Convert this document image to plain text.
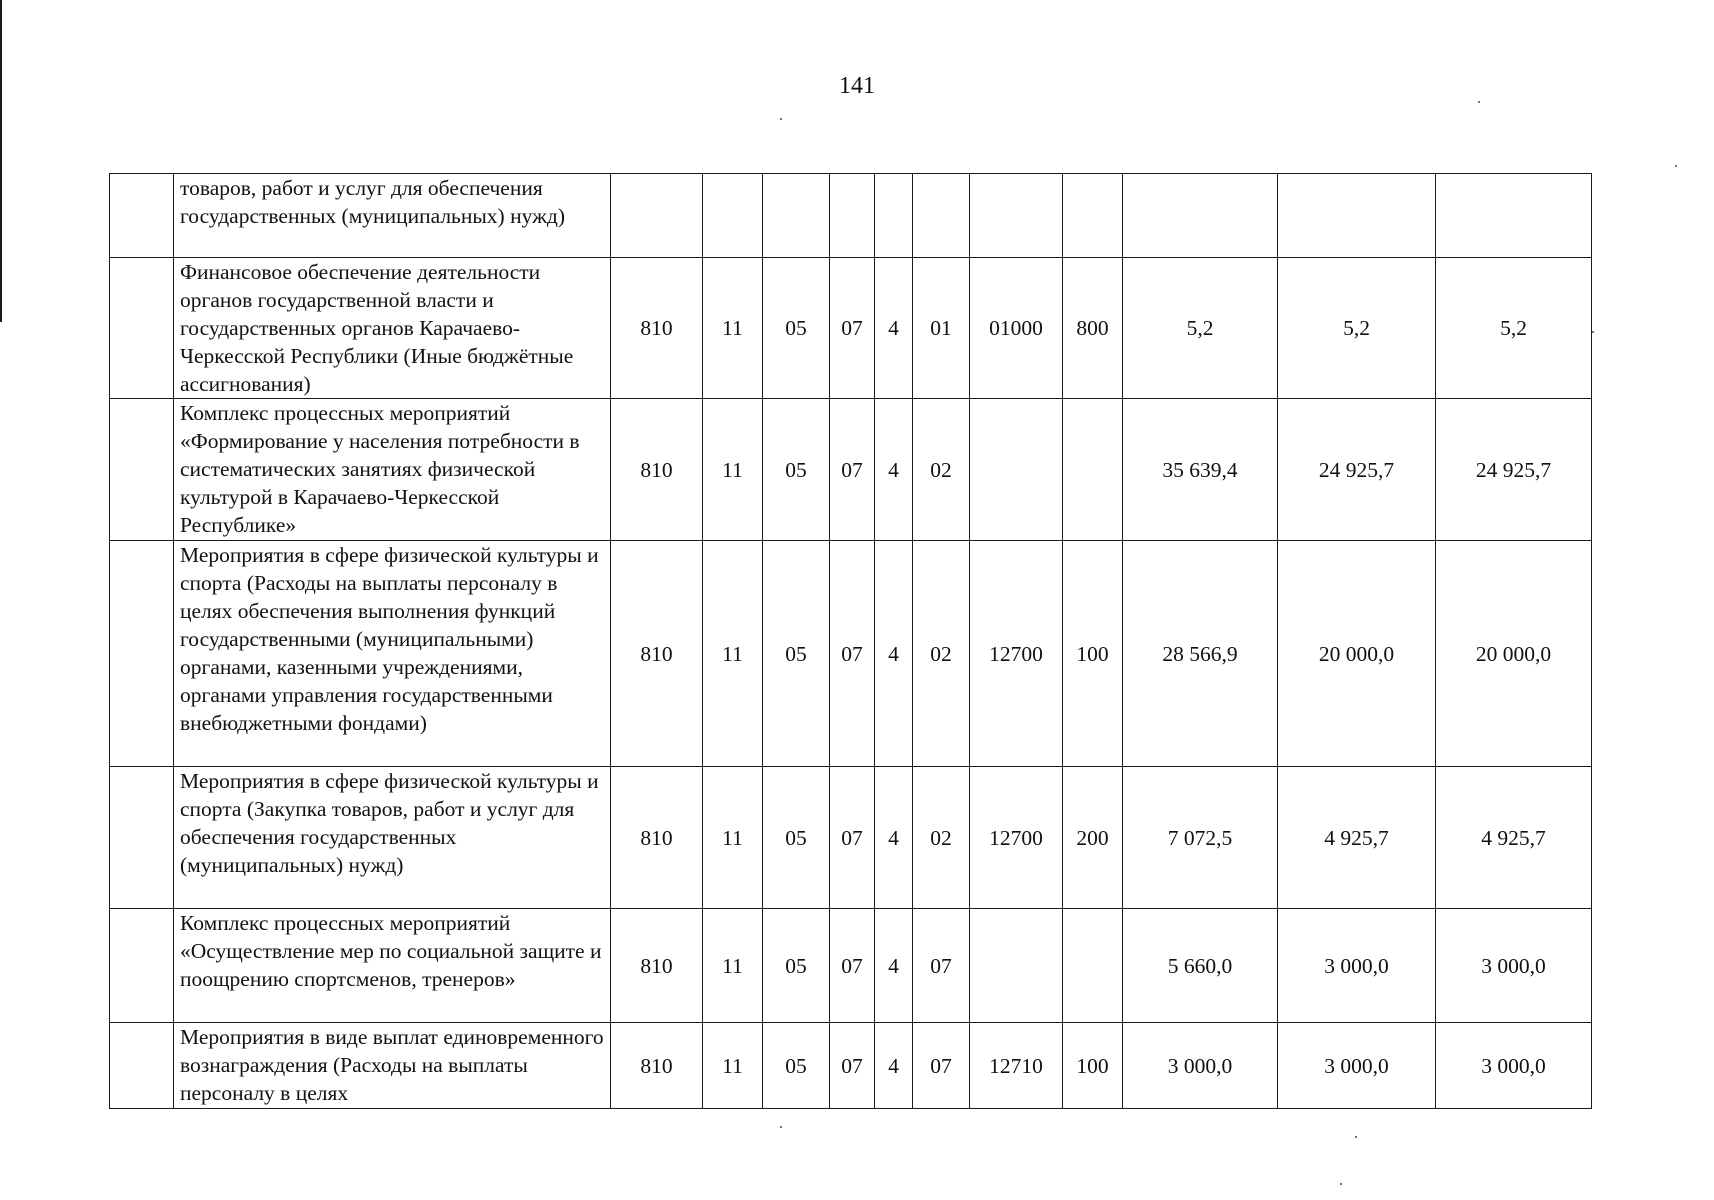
141
	товаров, работ и услуг для обеспечения государственных (муниципальных) нужд)											
	Финансовое обеспечение деятельности органов государственной власти и государственных органов Карачаево-Черкесской Республики (Иные бюджётные ассигнования)	810	11	05	07	4	01	01000	800	5,2	5,2	5,2
	Комплекс процессных мероприятий «Формирование у населения потребности в систематических занятиях физической культурой в Карачаево-Черкесской Республике»	810	11	05	07	4	02			35 639,4	24 925,7	24 925,7
	Мероприятия в сфере физической культуры и спорта (Расходы на выплаты персоналу в целях обеспечения выполнения функций государственными (муниципальными) органами, казенными учреждениями, органами управления государственными внебюджетными фондами)	810	11	05	07	4	02	12700	100	28 566,9	20 000,0	20 000,0
	Мероприятия в сфере физической культуры и спорта (Закупка товаров, работ и услуг для обеспечения государственных (муниципальных) нужд)	810	11	05	07	4	02	12700	200	7 072,5	4 925,7	4 925,7
	Комплекс процессных мероприятий «Осуществление мер по социальной защите и поощрению спортсменов, тренеров»	810	11	05	07	4	07			5 660,0	3 000,0	3 000,0
	Мероприятия в виде выплат единовременного вознаграждения (Расходы на выплаты персоналу в целях	810	11	05	07	4	07	12710	100	3 000,0	3 000,0	3 000,0
